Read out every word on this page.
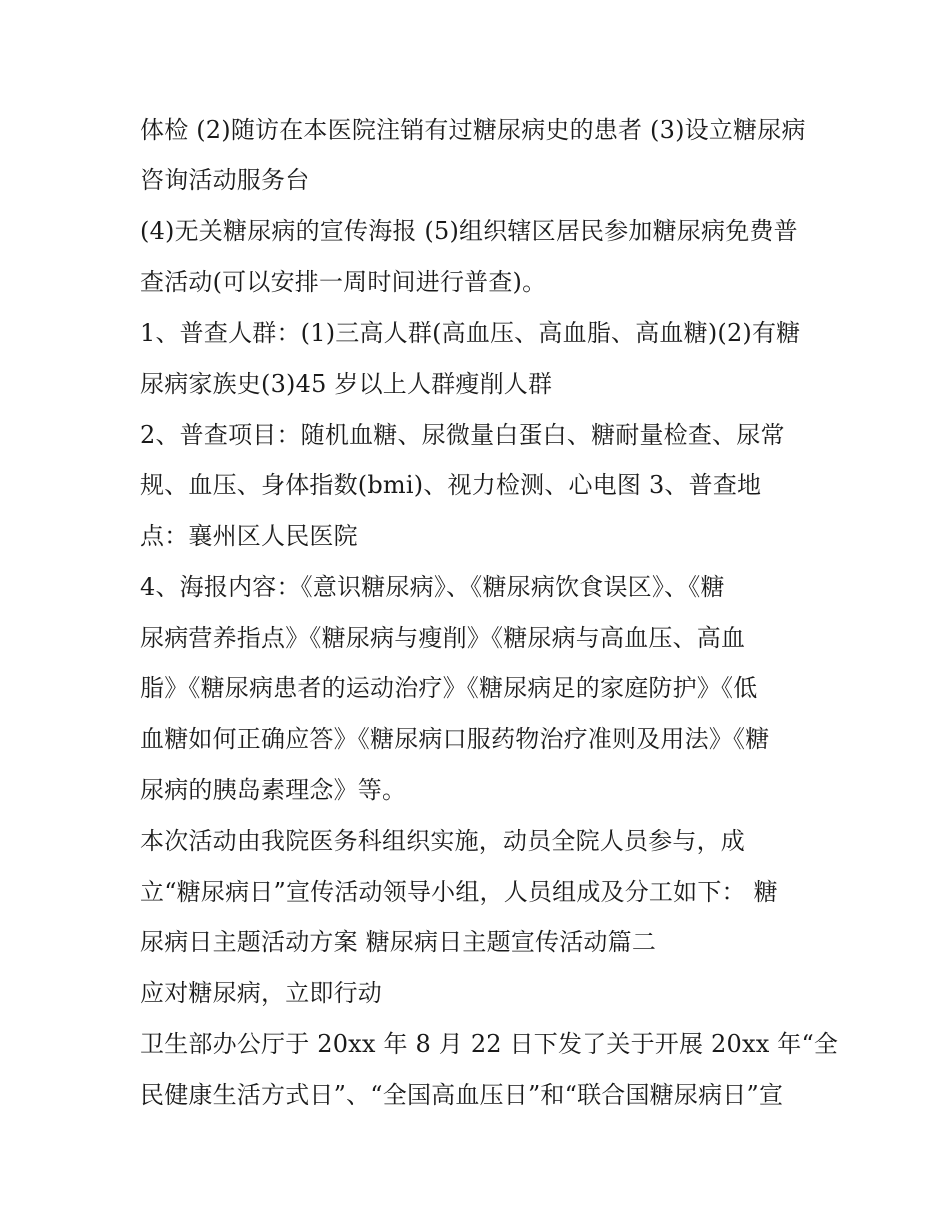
体检 (2)随访在本医院注销有过糖尿病史的患者 (3)设立糖尿病
咨询活动服务台
(4)无关糖尿病的宣传海报 (5)组织辖区居民参加糖尿病免费普
查活动(可以安排一周时间进行普查)。
1、普查人群：(1)三高人群(高血压、高血脂、高血糖)(2)有糖
尿病家族史(3)45 岁以上人群瘦削人群
2、普查项目：随机血糖、尿微量白蛋白、糖耐量检查、尿常
规、血压、身体指数(bmi)、视力检测、心电图 3、普查地
点：襄州区人民医院
4、海报内容：《意识糖尿病》、《糖尿病饮食误区》、《糖
尿病营养指点》《糖尿病与瘦削》《糖尿病与高血压、高血
脂》《糖尿病患者的运动治疗》《糖尿病足的家庭防护》《低
血糖如何正确应答》《糖尿病口服药物治疗准则及用法》《糖
尿病的胰岛素理念》等。
本次活动由我院医务科组织实施，动员全院人员参与，成
立“糖尿病日”宣传活动领导小组，人员组成及分工如下： 糖
尿病日主题活动方案 糖尿病日主题宣传活动篇二
应对糖尿病，立即行动
卫生部办公厅于 20xx 年 8 月 22 日下发了关于开展 20xx 年“全
民健康生活方式日”、“全国高血压日”和“联合国糖尿病日”宣
